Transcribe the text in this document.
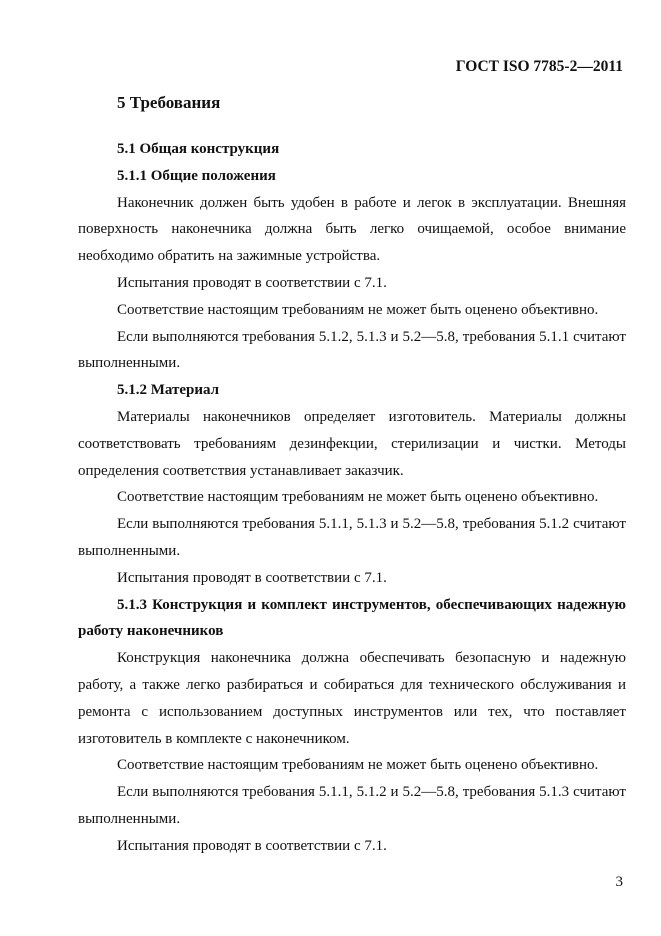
ГОСТ ISO 7785-2—2011
5 Требования

5.1 Общая конструкция

5.1.1 Общие положения

Наконечник должен быть удобен в работе и легок в эксплуатации. Внешняя поверхность наконечника должна быть легко очищаемой, особое внимание необходимо обратить на зажимные устройства.

Испытания проводят в соответствии с 7.1.

Соответствие настоящим требованиям не может быть оценено объективно.

Если выполняются требования 5.1.2, 5.1.3 и 5.2—5.8, требования 5.1.1 считают выполненными.

5.1.2 Материал

Материалы наконечников определяет изготовитель. Материалы должны соответствовать требованиям дезинфекции, стерилизации и чистки. Методы определения соответствия устанавливает заказчик.

Соответствие настоящим требованиям не может быть оценено объективно.

Если выполняются требования 5.1.1, 5.1.3 и 5.2—5.8, требования 5.1.2 считают выполненными.

Испытания проводят в соответствии с 7.1.

5.1.3 Конструкция и комплект инструментов, обеспечивающих надежную работу наконечников

Конструкция наконечника должна обеспечивать безопасную и надежную работу, а также легко разбираться и собираться для технического обслуживания и ремонта с использованием доступных инструментов или тех, что поставляет изготовитель в комплекте с наконечником.

Соответствие настоящим требованиям не может быть оценено объективно.

Если выполняются требования 5.1.1, 5.1.2 и 5.2—5.8, требования 5.1.3 считают выполненными.

Испытания проводят в соответствии с 7.1.

3
